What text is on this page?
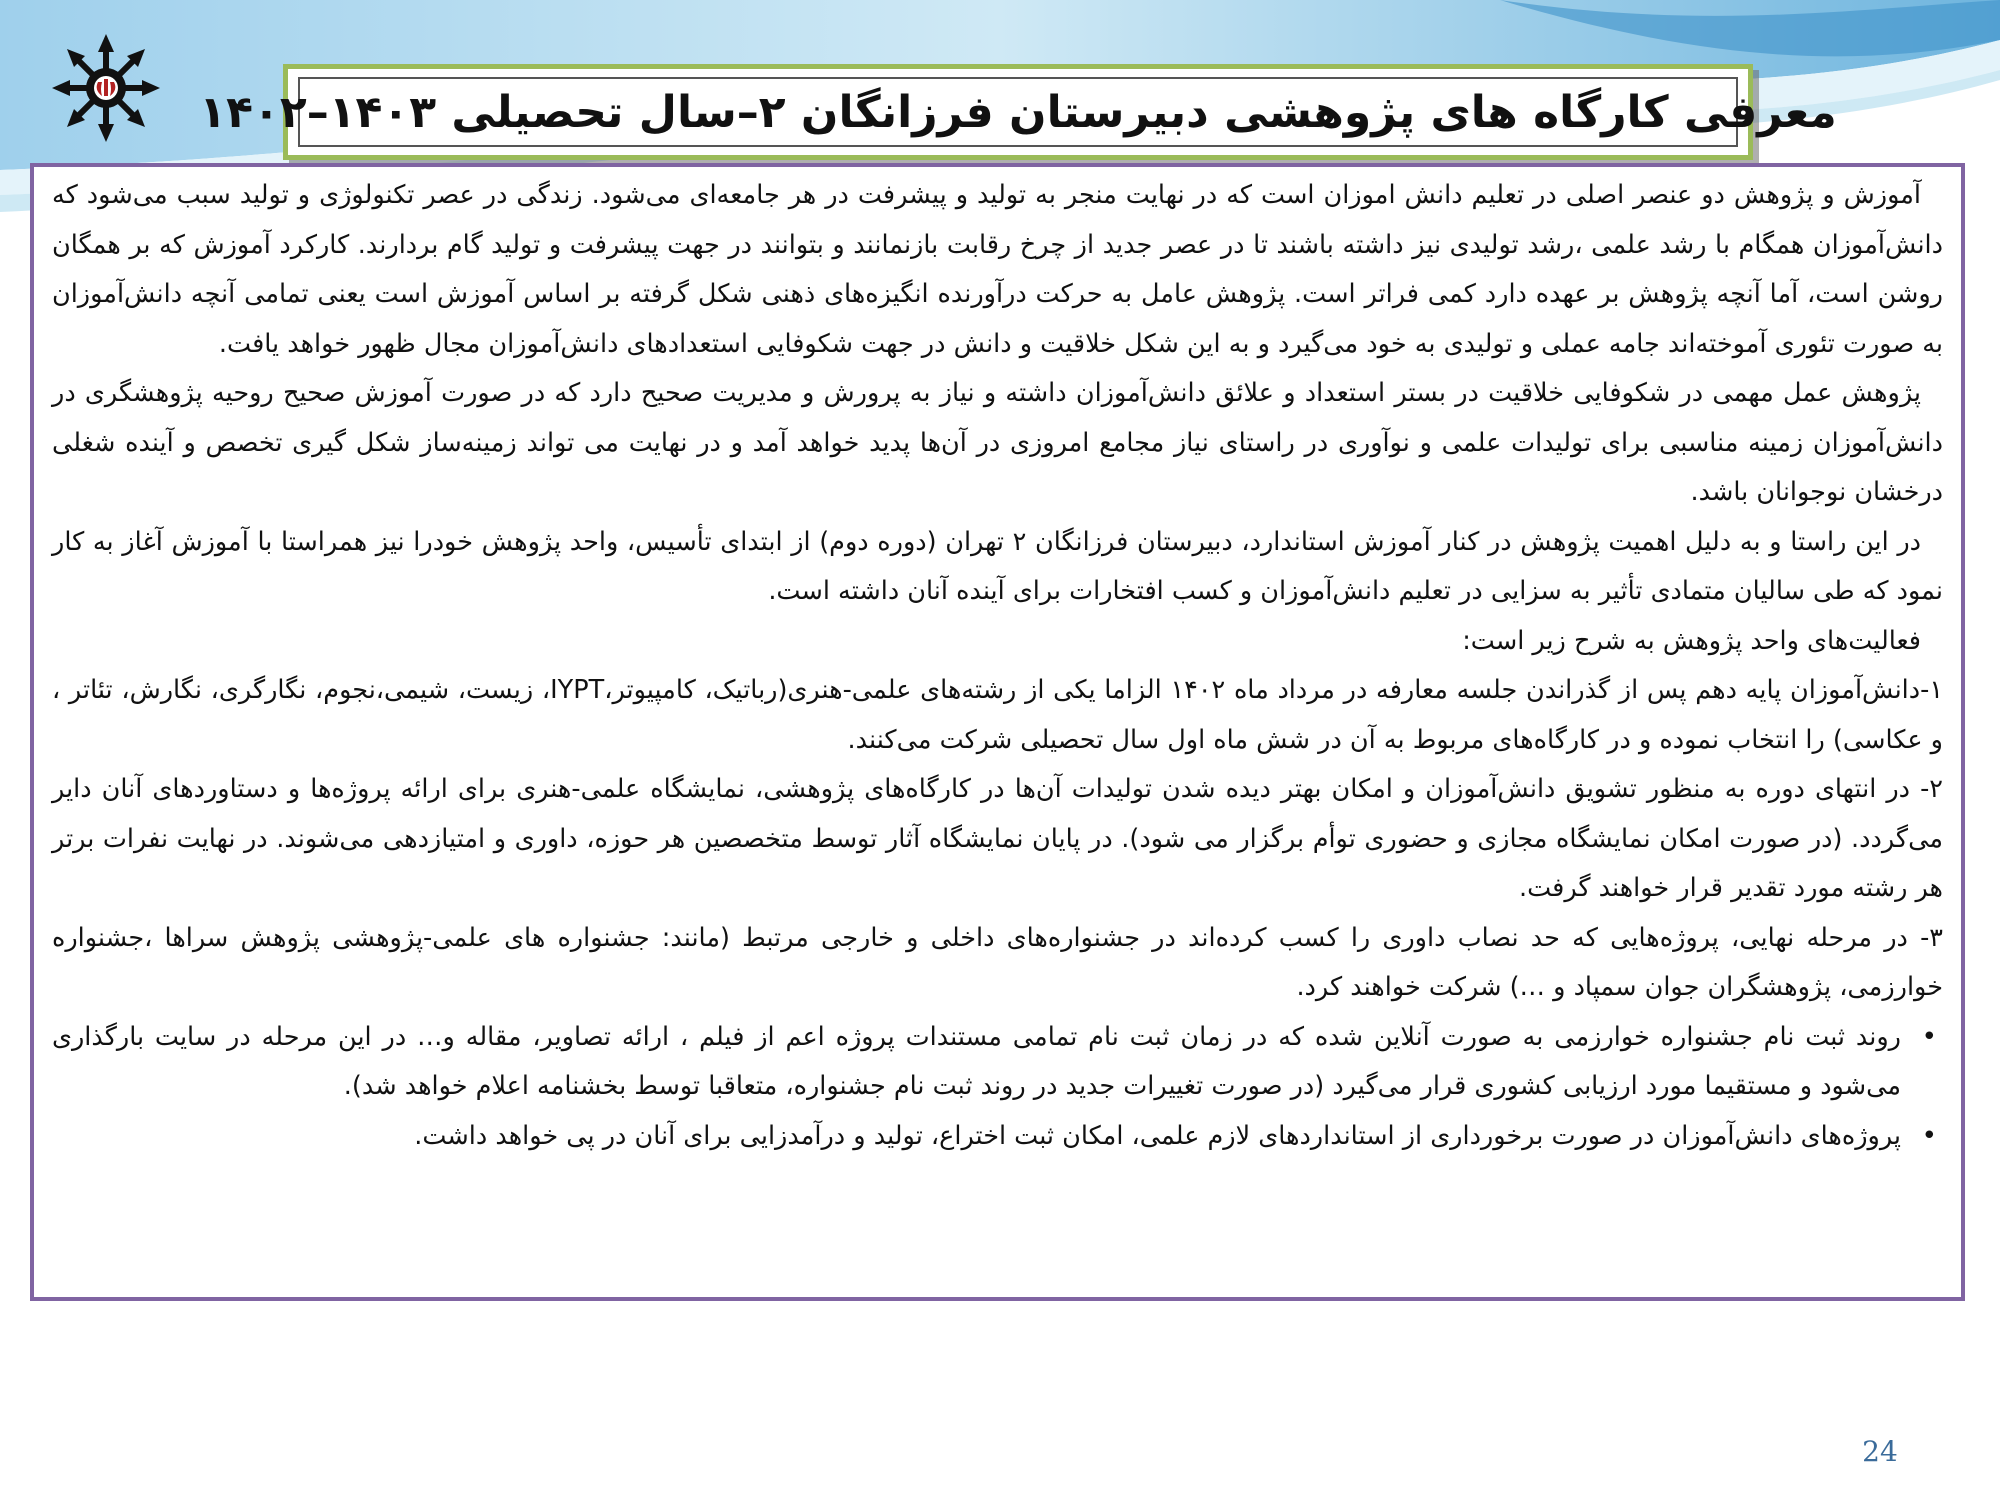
معرفی کارگاه های پژوهشی دبیرستان فرزانگان ۲–سال تحصیلی ۱۴۰۳–۱۴۰۲

آموزش و پژوهش دو عنصر اصلی در تعلیم دانش اموزان است که در نهایت منجر به تولید و پیشرفت در هر جامعه‌ای می‌شود. زندگی در عصر تکنولوژی و تولید سبب می‌شود که دانش‌آموزان همگام با رشد علمی ،رشد تولیدی نیز داشته باشند تا در عصر جدید از چرخ رقابت بازنمانند و بتوانند در جهت پیشرفت و تولید گام بردارند. کارکرد آموزش که بر همگان روشن است، آما آنچه پژوهش بر عهده دارد کمی فراتر است. پژوهش عامل به حرکت درآورنده انگیزه‌های ذهنی شکل گرفته بر اساس آموزش است یعنی تمامی آنچه دانش‌آموزان به صورت تئوری آموخته‌اند جامه عملی و تولیدی به خود می‌گیرد و به این شکل خلاقیت و دانش در جهت شکوفایی استعدادهای دانش‌آموزان مجال ظهور خواهد یافت.

پژوهش عمل مهمی در شکوفایی خلاقیت در بستر استعداد و علائق دانش‌آموزان داشته و نیاز به پرورش و مدیریت صحیح دارد که در صورت آموزش صحیح روحیه پژوهشگری در دانش‌آموزان زمینه مناسبی برای تولیدات علمی و نوآوری در راستای نیاز مجامع امروزی در آن‌ها پدید خواهد آمد و در نهایت می تواند زمینه‌ساز شکل گیری تخصص و آینده شغلی درخشان نوجوانان باشد.

در این راستا و به دلیل اهمیت پژوهش در کنار آموزش استاندارد، دبیرستان فرزانگان ۲ تهران (دوره دوم) از ابتدای تأسیس، واحد پژوهش خودرا نیز همراستا با آموزش آغاز به کار نمود که طی سالیان متمادی تأثیر به سزایی در تعلیم دانش‌آموزان و کسب افتخارات برای آینده آنان داشته است.

فعالیت‌های واحد پژوهش به شرح زیر است:

۱-دانش‌آموزان پایه دهم پس از گذراندن جلسه معارفه در مرداد ماه ۱۴۰۲ الزاما یکی از رشته‌های علمی-هنری(رباتیک، کامپیوتر،IYPT، زیست، شیمی،نجوم، نگارگری، نگارش، تئاتر ، و عکاسی) را انتخاب نموده و در کارگاه‌های مربوط به آن در شش ماه اول سال تحصیلی شرکت می‌کنند.

۲- در انتهای دوره به منظور تشویق دانش‌آموزان و امکان بهتر دیده شدن تولیدات آن‌ها در کارگاه‌های پژوهشی، نمایشگاه علمی-هنری برای ارائه پروژه‌ها و دستاوردهای آنان دایر می‌گردد. (در صورت امکان نمایشگاه مجازی و حضوری توأم برگزار می شود). در پایان نمایشگاه آثار توسط متخصصین هر حوزه، داوری و امتیازدهی می‌شوند. در نهایت نفرات برتر هر رشته مورد تقدیر قرار خواهند گرفت.

۳- در مرحله نهایی، پروژه‌هایی که حد نصاب داوری را کسب کرده‌اند در جشنواره‌های داخلی و خارجی مرتبط (مانند: جشنواره های علمی-پژوهشی پژوهش سراها ،جشنواره خوارزمی، پژوهشگران جوان سمپاد و …) شرکت خواهند کرد.

•
روند ثبت نام جشنواره خوارزمی به صورت آنلاین شده که در زمان ثبت نام تمامی مستندات پروژه اعم از فیلم ، ارائه تصاویر، مقاله و… در این مرحله در سایت بارگذاری می‌شود و مستقیما مورد ارزیابی کشوری قرار می‌گیرد (در صورت تغییرات جدید در روند ثبت نام جشنواره، متعاقبا توسط بخشنامه اعلام خواهد شد).
•
پروژه‌های دانش‌آموزان در صورت برخورداری از استانداردهای لازم علمی، امکان ثبت اختراع، تولید و درآمدزایی برای آنان در پی خواهد داشت.
24
